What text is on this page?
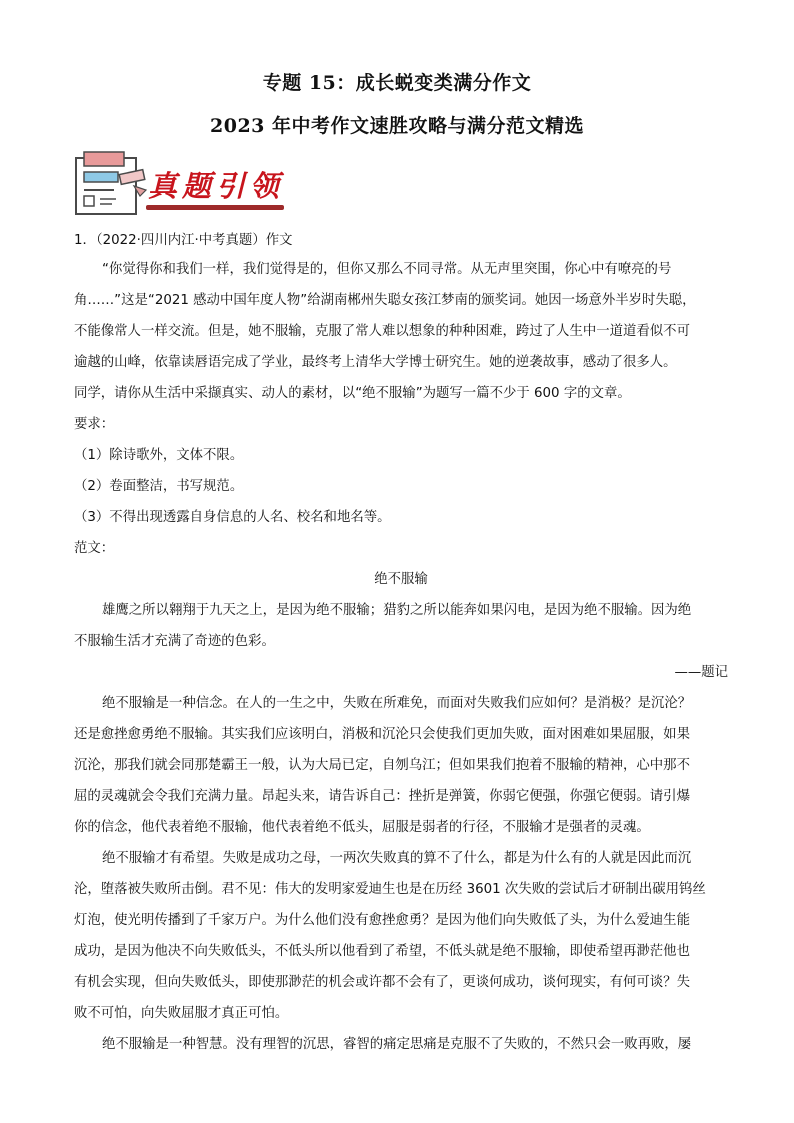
专题 15：成长蜕变类满分作文
2023 年中考作文速胜攻略与满分范文精选
真题引领

1．（2022·四川内江·中考真题）作文

“你觉得你和我们一样，我们觉得是的，但你又那么不同寻常。从无声里突围，你心中有嘹亮的号

角……”这是“2021 感动中国年度人物”给湖南郴州失聪女孩江梦南的颁奖词。她因一场意外半岁时失聪，

不能像常人一样交流。但是，她不服输，克服了常人难以想象的种种困难，跨过了人生中一道道看似不可

逾越的山峰，依靠读唇语完成了学业，最终考上清华大学博士研究生。她的逆袭故事，感动了很多人。

同学，请你从生活中采撷真实、动人的素材，以“绝不服输”为题写一篇不少于 600 字的文章。

要求：

（1）除诗歌外，文体不限。

（2）卷面整洁，书写规范。

（3）不得出现透露自身信息的人名、校名和地名等。

范文：

绝不服输

雄鹰之所以翱翔于九天之上，是因为绝不服输；猎豹之所以能奔如果闪电，是因为绝不服输。因为绝

不服输生活才充满了奇迹的色彩。

——题记

绝不服输是一种信念。在人的一生之中，失败在所难免，而面对失败我们应如何？是消极？是沉沦？

还是愈挫愈勇绝不服输。其实我们应该明白，消极和沉沦只会使我们更加失败，面对困难如果屈服，如果

沉沦，那我们就会同那楚霸王一般，认为大局已定，自刎乌江；但如果我们抱着不服输的精神，心中那不

屈的灵魂就会令我们充满力量。昂起头来，请告诉自己：挫折是弹簧，你弱它便强，你强它便弱。请引爆

你的信念，他代表着绝不服输，他代表着绝不低头，屈服是弱者的行径，不服输才是强者的灵魂。

绝不服输才有希望。失败是成功之母，一两次失败真的算不了什么，都是为什么有的人就是因此而沉

沦，堕落被失败所击倒。君不见：伟大的发明家爱迪生也是在历经 3601 次失败的尝试后才研制出碳用钨丝

灯泡，使光明传播到了千家万户。为什么他们没有愈挫愈勇？是因为他们向失败低了头，为什么爱迪生能

成功，是因为他决不向失败低头，不低头所以他看到了希望，不低头就是绝不服输，即使希望再渺茫他也

有机会实现，但向失败低头，即使那渺茫的机会或许都不会有了，更谈何成功，谈何现实，有何可谈？失

败不可怕，向失败屈服才真正可怕。

绝不服输是一种智慧。没有理智的沉思，睿智的痛定思痛是克服不了失败的，不然只会一败再败，屡
